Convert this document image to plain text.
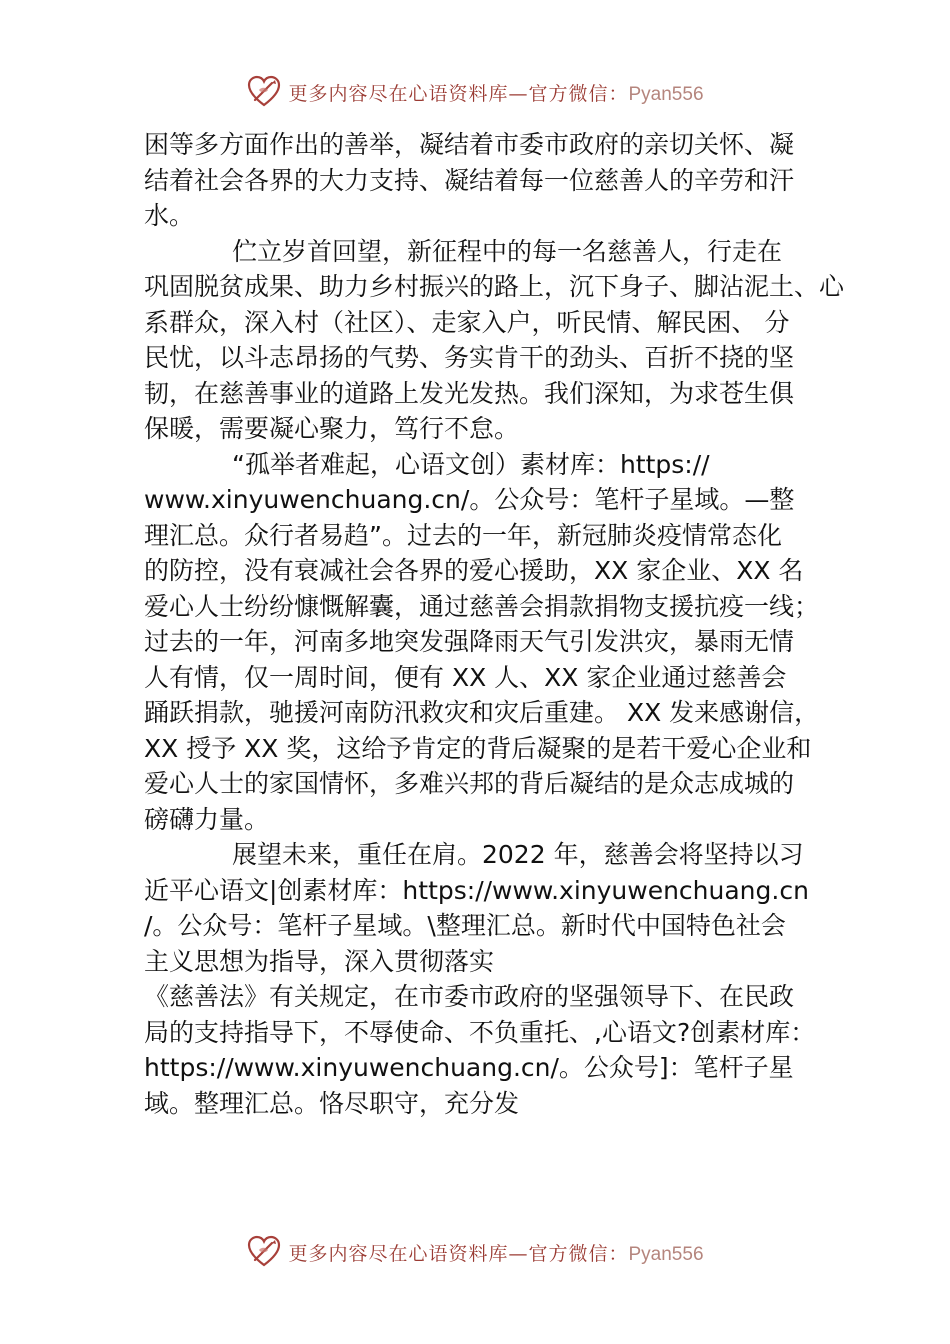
更多内容尽在心语资料库—官方微信：Pyan556
困等多方面作出的善举，凝结着市委市政府的亲切关怀、凝
结着社会各界的大力支持、凝结着每一位慈善人的辛劳和汗
水。
伫立岁首回望，新征程中的每一名慈善人，行走在
巩固脱贫成果、助力乡村振兴的路上，沉下身子、脚沾泥土、心
系群众，深入村（社区）、走家入户，听民情、解民困、 分
民忧，以斗志昂扬的气势、务实肯干的劲头、百折不挠的坚
韧，在慈善事业的道路上发光发热。我们深知，为求苍生俱
保暖，需要凝心聚力，笃行不怠。
“孤举者难起，心语文创）素材库：https://
www.xinyuwenchuang.cn/。公众号：笔杆子星域。—整
理汇总。众行者易趋”。过去的一年，新冠肺炎疫情常态化
的防控，没有衰减社会各界的爱心援助，XX 家企业、XX 名
爱心人士纷纷慷慨解囊，通过慈善会捐款捐物支援抗疫一线；
过去的一年，河南多地突发强降雨天气引发洪灾，暴雨无情
人有情，仅一周时间，便有 XX 人、XX 家企业通过慈善会
踊跃捐款，驰援河南防汛救灾和灾后重建。 XX 发来感谢信，
XX 授予 XX 奖，这给予肯定的背后凝聚的是若干爱心企业和
爱心人士的家国情怀，多难兴邦的背后凝结的是众志成城的
磅礴力量。
展望未来，重任在肩。2022 年，慈善会将坚持以习
近平心语文|创素材库：https://www.xinyuwenchuang.cn
/。公众号：笔杆子星域。\整理汇总。新时代中国特色社会
主义思想为指导，深入贯彻落实
《慈善法》有关规定，在市委市政府的坚强领导下、在民政
局的支持指导下，不辱使命、不负重托、,心语文?创素材库：
https://www.xinyuwenchuang.cn/。公众号]：笔杆子星
域。整理汇总。恪尽职守，充分发
更多内容尽在心语资料库—官方微信：Pyan556
